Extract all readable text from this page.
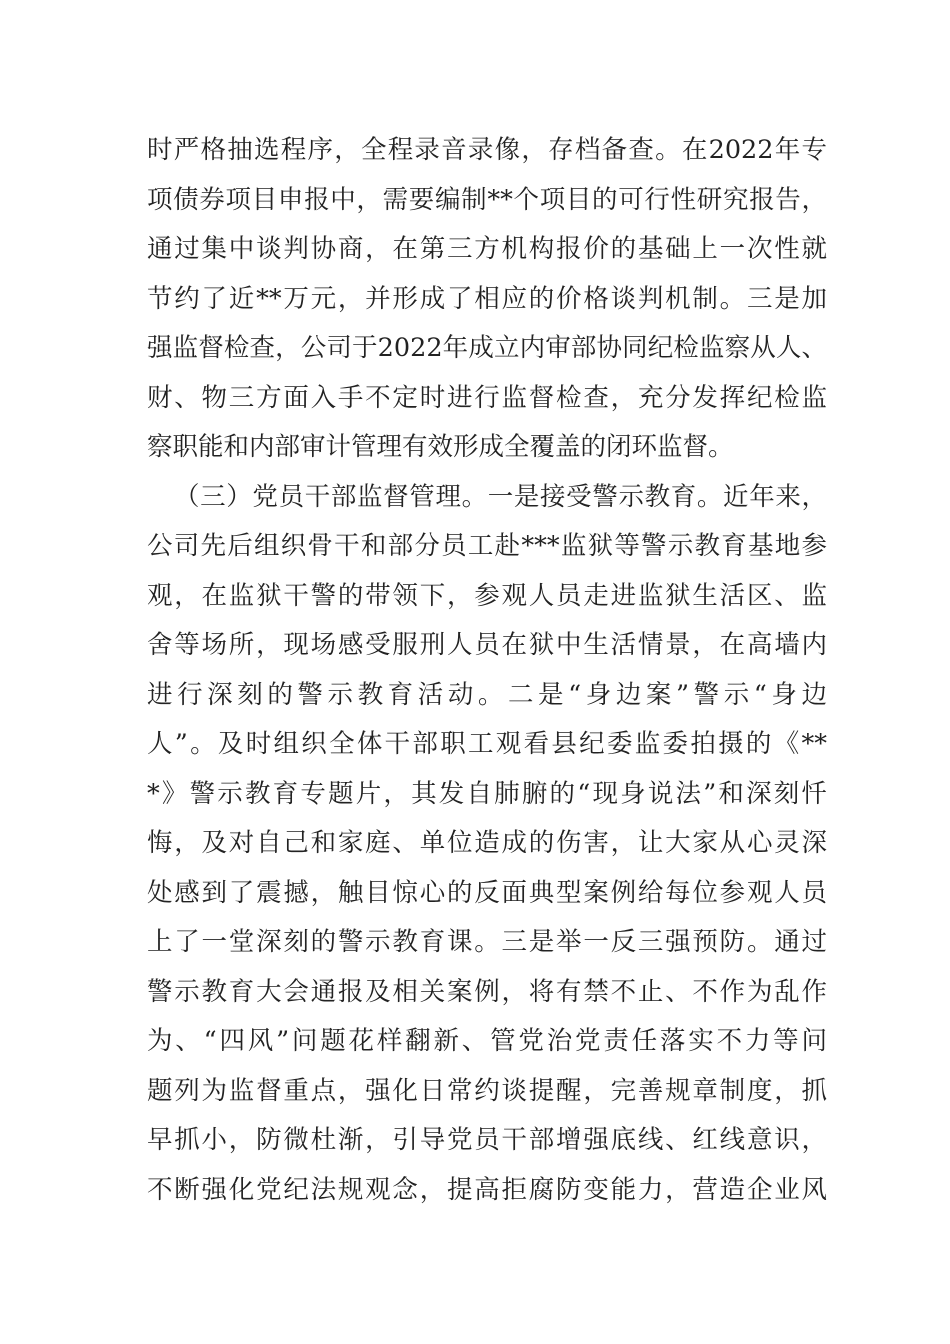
时严格抽选程序，全程录音录像，存档备查。在2022年专
项债券项目申报中，需要编制**个项目的可行性研究报告，
通过集中谈判协商，在第三方机构报价的基础上一次性就
节约了近**万元，并形成了相应的价格谈判机制。三是加
强监督检查，公司于2022年成立内审部协同纪检监察从人、
财、物三方面入手不定时进行监督检查，充分发挥纪检监
察职能和内部审计管理有效形成全覆盖的闭环监督。
（三）党员干部监督管理。一是接受警示教育。近年来，
公司先后组织骨干和部分员工赴***监狱等警示教育基地参
观，在监狱干警的带领下，参观人员走进监狱生活区、监
舍等场所，现场感受服刑人员在狱中生活情景，在高墙内
进行深刻的警示教育活动。二是“身边案”警示“身边
人”。及时组织全体干部职工观看县纪委监委拍摄的《**
*》警示教育专题片，其发自肺腑的“现身说法”和深刻忏
悔，及对自己和家庭、单位造成的伤害，让大家从心灵深
处感到了震撼，触目惊心的反面典型案例给每位参观人员
上了一堂深刻的警示教育课。三是举一反三强预防。通过
警示教育大会通报及相关案例，将有禁不止、不作为乱作
为、“四风”问题花样翻新、管党治党责任落实不力等问
题列为监督重点，强化日常约谈提醒，完善规章制度，抓
早抓小，防微杜渐，引导党员干部增强底线、红线意识，
不断强化党纪法规观念，提高拒腐防变能力，营造企业风
